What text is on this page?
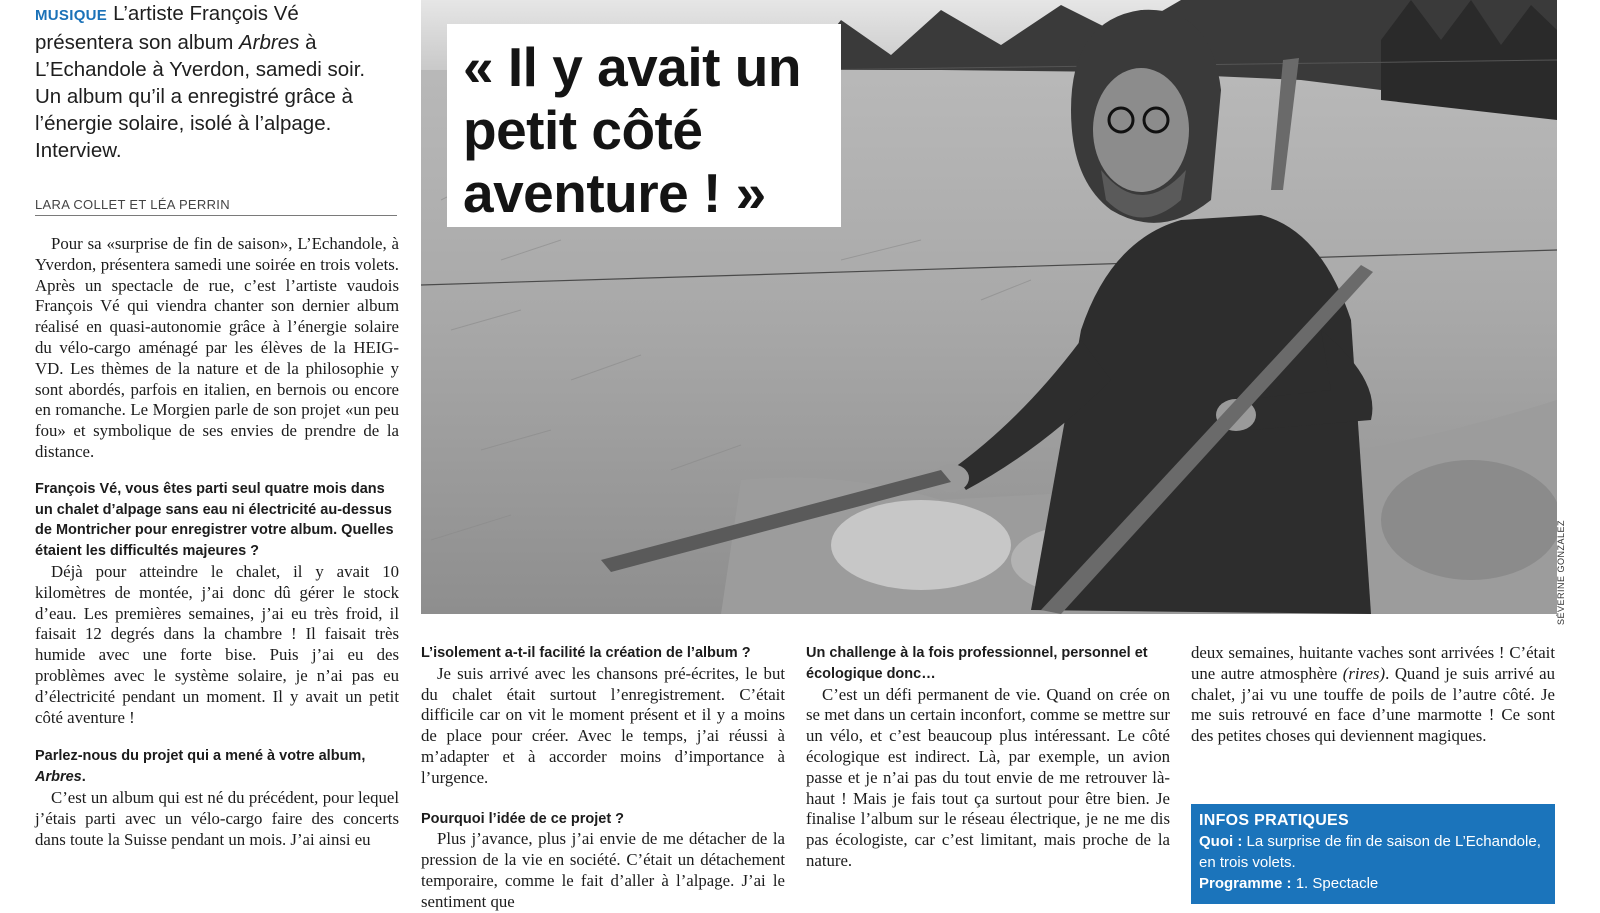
MUSIQUE L’artiste François Vé présentera son album Arbres à L’Echandole à Yverdon, samedi soir. Un album qu’il a enregistré grâce à l’énergie solaire, isolé à l’alpage. Interview.
LARA COLLET ET LÉA PERRIN

Pour sa «surprise de fin de saison», L’Echandole, à Yverdon, présentera samedi une soirée en trois volets. Après un spectacle de rue, c’est l’artiste vaudois François Vé qui viendra chanter son dernier album réalisé en quasi-autonomie grâce à l’énergie solaire du vélo-cargo aménagé par les élèves de la HEIG-VD. Les thèmes de la nature et de la philosophie y sont abordés, parfois en italien, en bernois ou encore en romanche. Le Morgien parle de son projet «un peu fou» et symbolique de ses envies de prendre de la distance.

François Vé, vous êtes parti seul quatre mois dans un chalet d’alpage sans eau ni électricité au-dessus de Montricher pour enregistrer votre album. Quelles étaient les difficultés majeures ?

Déjà pour atteindre le chalet, il y avait 10 kilomètres de montée, j’ai donc dû gérer le stock d’eau. Les premières semaines, j’ai eu très froid, il faisait 12 degrés dans la chambre ! Il faisait très humide avec une forte bise. Puis j’ai eu des problèmes avec le système solaire, je n’ai pas eu d’électricité pendant un moment. Il y avait un petit côté aventure !

Parlez-nous du projet qui a mené à votre album, Arbres.

C’est un album qui est né du précédent, pour lequel j’étais parti avec un vélo-cargo faire des concerts dans toute la Suisse pendant un mois. J’ai ainsi eu

SÉVERINE GONZALEZ
« Il y avait un petit côté aventure ! »

L’isolement a-t-il facilité la création de l’album ?

Je suis arrivé avec les chansons pré-écrites, le but du chalet était surtout l’enregistrement. C’était difficile car on vit le moment présent et il y a moins de place pour créer. Avec le temps, j’ai réussi à m’adapter et à accorder moins d’importance à l’urgence.

Pourquoi l’idée de ce projet ?

Plus j’avance, plus j’ai envie de me détacher de la pression de la vie en société. C’était un détachement temporaire, comme le fait d’aller à l’alpage. J’ai le sentiment que

Un challenge à la fois professionnel, personnel et écologique donc…

C’est un défi permanent de vie. Quand on crée on se met dans un certain inconfort, comme se mettre sur un vélo, et c’est beaucoup plus intéressant. Le côté écologique est indirect. Là, par exemple, un avion passe et je n’ai pas du tout envie de me retrouver là-haut ! Mais je fais tout ça surtout pour être bien. Je finalise l’album sur le réseau électrique, je ne me dis pas écologiste, car c’est limitant, mais proche de la nature.

deux semaines, huitante vaches sont arrivées ! C’était une autre atmosphère (rires). Quand je suis arrivé au chalet, j’ai vu une touffe de poils de l’autre côté. Je me suis retrouvé en face d’une marmotte ! Ce sont des petites choses qui deviennent magiques.

INFOS PRATIQUES
Quoi : La surprise de fin de saison de L’Echandole, en trois volets.
Programme : 1. Spectacle
